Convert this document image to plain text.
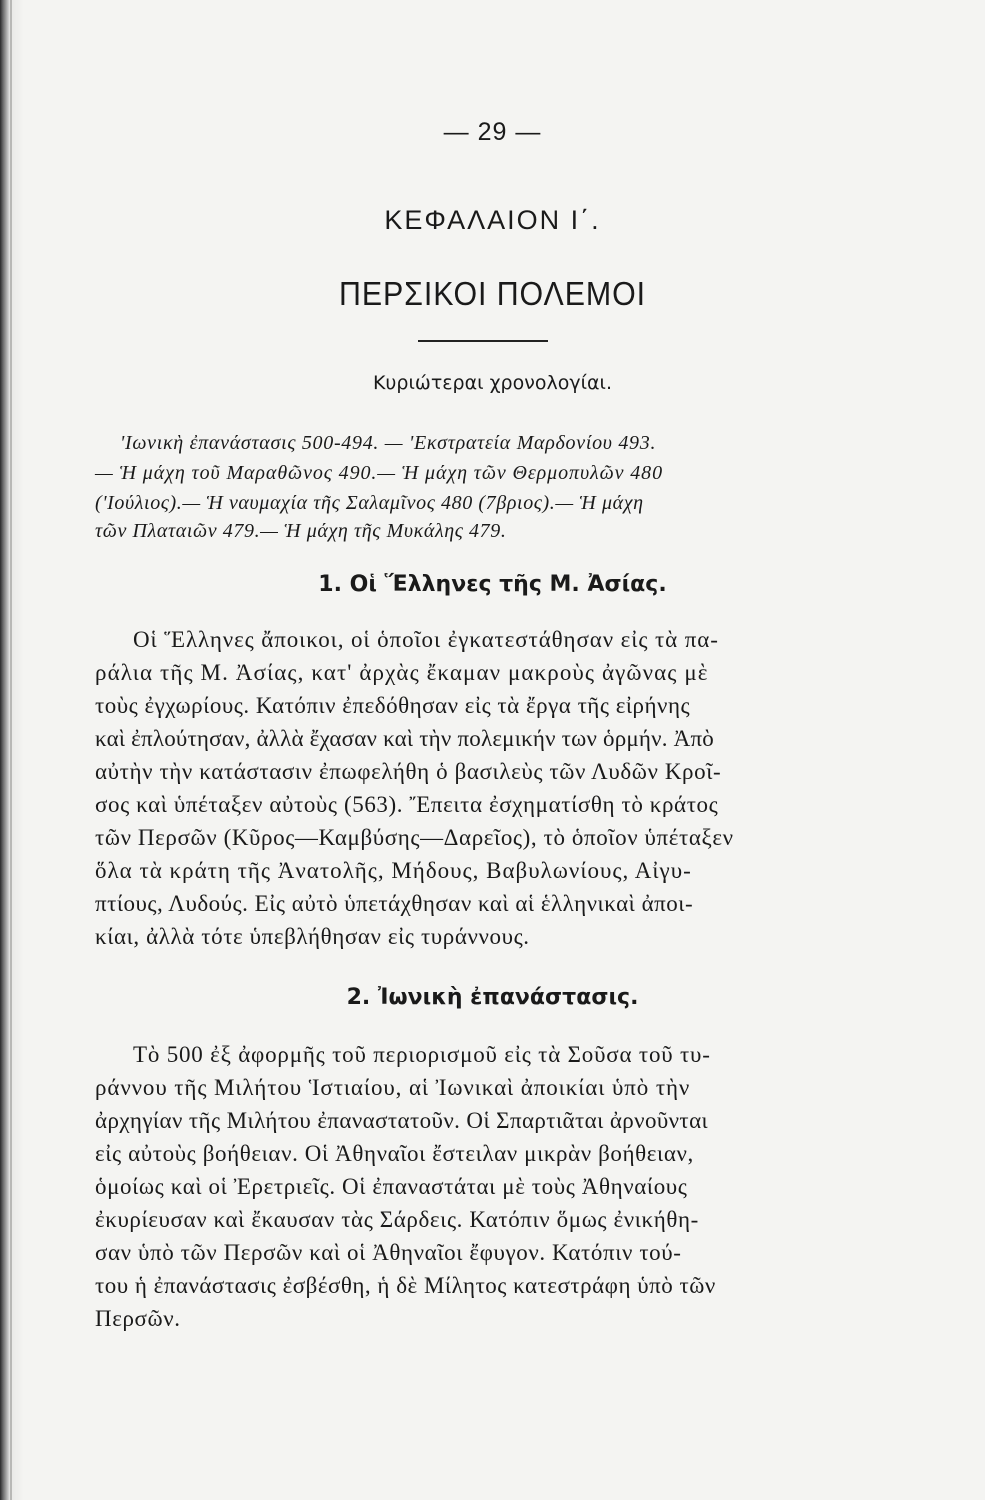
— 29 —
ΚΕΦΑΛΑΙΟΝ Ι΄.
ΠΕΡΣΙΚΟΙ ΠΟΛΕΜΟΙ
Κυριώτεραι χρονολογίαι.
'Ιωνικὴ ἐπανάστασις 500-494. — 'Εκστρατεία Μαρδονίου 493.
— Ἡ μάχη τοῦ Μαραθῶνος 490.— Ἡ μάχη τῶν Θερμοπυλῶν 480
('Ιούλιος).— Ἡ ναυμαχία τῆς Σαλαμῖνος 480 (7βριος).— Ἡ μάχη
τῶν Πλαταιῶν 479.— Ἡ μάχη τῆς Μυκάλης 479.
1. Οἱ Ἕλληνες τῆς Μ. Ἀσίας.
Οἱ Ἕλληνες ἄποικοι, οἱ ὁποῖοι ἐγκατεστάθησαν εἰς τὰ πα-
ράλια τῆς Μ. Ἀσίας, κατ' ἀρχὰς ἔκαμαν μακροὺς ἀγῶνας μὲ
τοὺς ἐγχωρίους. Κατόπιν ἐπεδόθησαν εἰς τὰ ἔργα τῆς εἰρήνης
καὶ ἐπλούτησαν, ἀλλὰ ἔχασαν καὶ τὴν πολεμικήν των ὁρμήν. Ἀπὸ
αὐτὴν τὴν κατάστασιν ἐπωφελήθη ὁ βασιλεὺς τῶν Λυδῶν Κροῖ-
σος καὶ ὑπέταξεν αὐτοὺς (563). Ἔπειτα ἐσχηματίσθη τὸ κράτος
τῶν Περσῶν (Κῦρος—Καμβύσης—Δαρεῖος), τὸ ὁποῖον ὑπέταξεν
ὅλα τὰ κράτη τῆς Ἀνατολῆς, Μήδους, Βαβυλωνίους, Αἰγυ-
πτίους, Λυδούς. Εἰς αὐτὸ ὑπετάχθησαν καὶ αἱ ἑλληνικαὶ ἀποι-
κίαι, ἀλλὰ τότε ὑπεβλήθησαν εἰς τυράννους.
2. Ἰωνικὴ ἐπανάστασις.
Τὸ 500 ἐξ ἀφορμῆς τοῦ περιορισμοῦ εἰς τὰ Σοῦσα τοῦ τυ-
ράννου τῆς Μιλήτου Ἱστιαίου, αἱ Ἰωνικαὶ ἀποικίαι ὑπὸ τὴν
ἀρχηγίαν τῆς Μιλήτου ἐπαναστατοῦν. Οἱ Σπαρτιᾶται ἀρνοῦνται
εἰς αὐτοὺς βοήθειαν. Οἱ Ἀθηναῖοι ἔστειλαν μικρὰν βοήθειαν,
ὁμοίως καὶ οἱ Ἐρετριεῖς. Οἱ ἐπαναστάται μὲ τοὺς Ἀθηναίους
ἐκυρίευσαν καὶ ἔκαυσαν τὰς Σάρδεις. Κατόπιν ὅμως ἐνικήθη-
σαν ὑπὸ τῶν Περσῶν καὶ οἱ Ἀθηναῖοι ἔφυγον. Κατόπιν τού-
του ἡ ἐπανάστασις ἐσβέσθη, ἡ δὲ Μίλητος κατεστράφη ὑπὸ τῶν
Περσῶν.
